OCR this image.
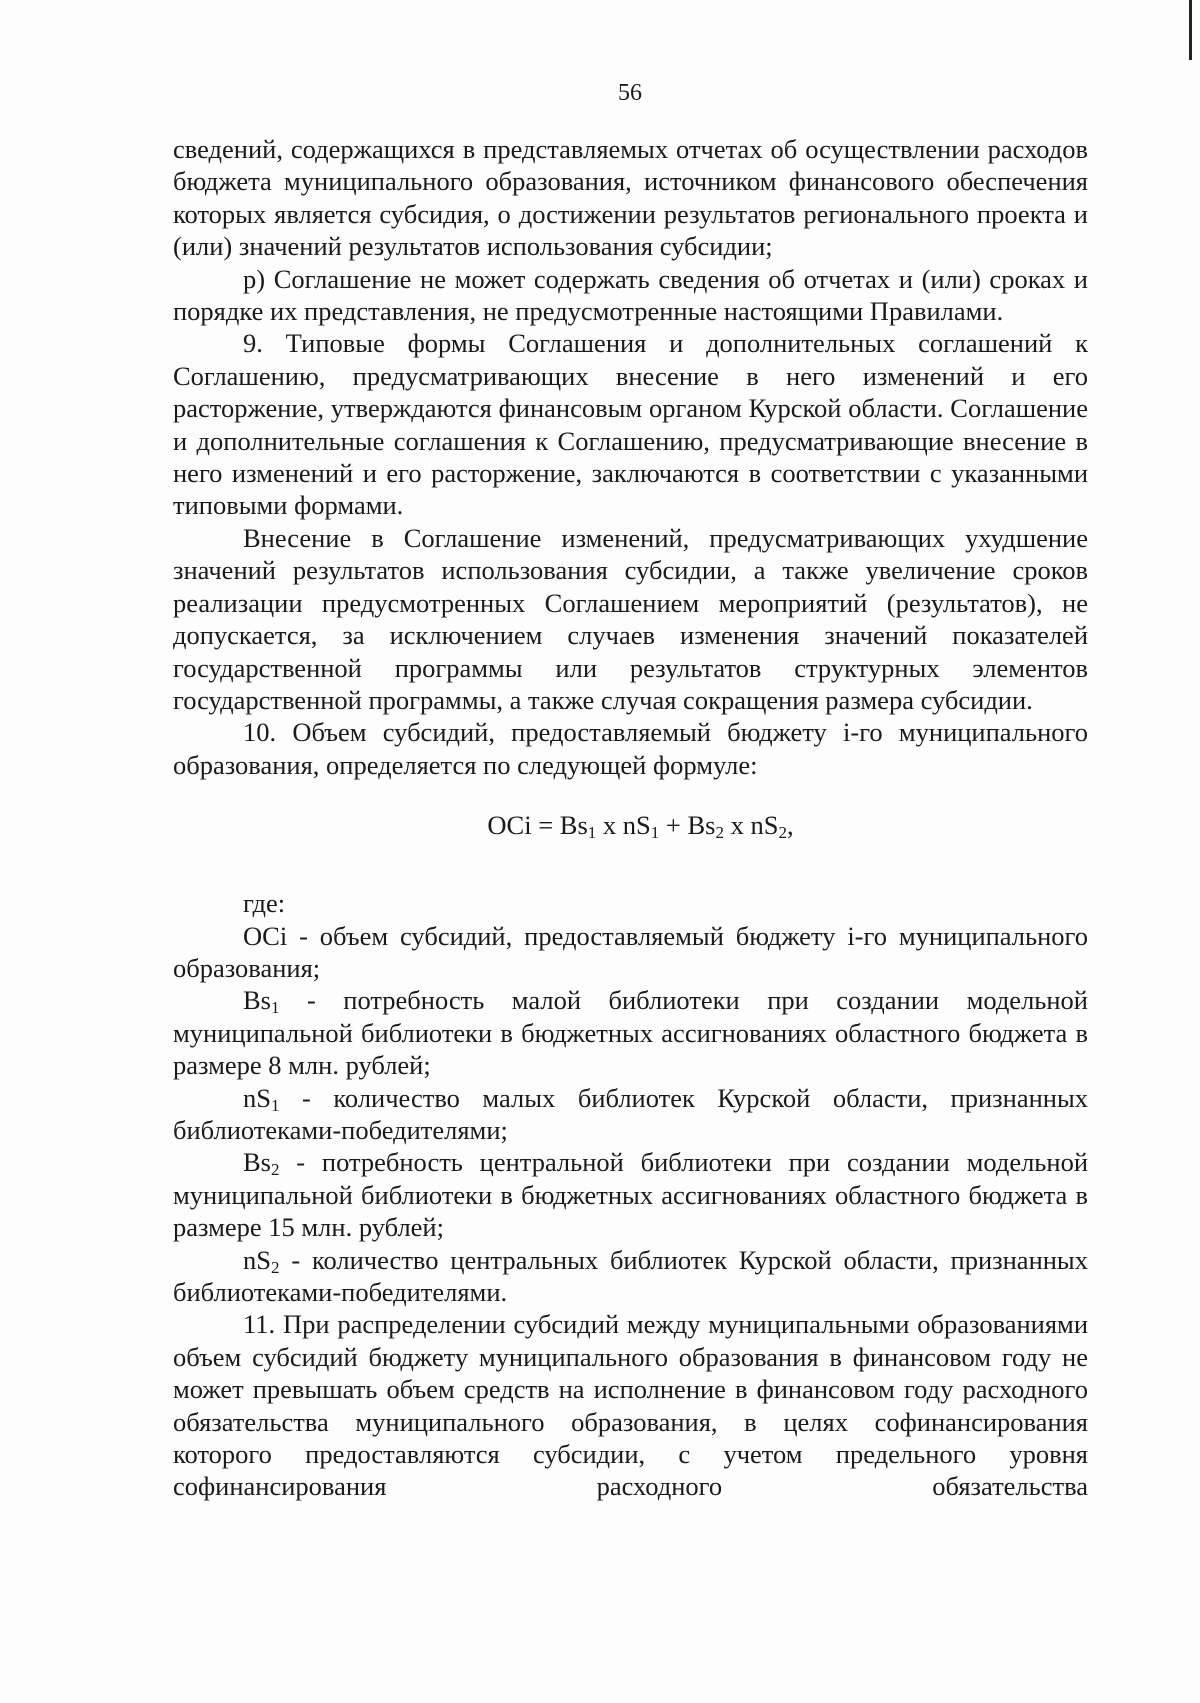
56

сведений, содержащихся в представляемых отчетах об осуществлении расходов бюджета муниципального образования, источником финансового обеспечения которых является субсидия, о достижении результатов регионального проекта и (или) значений результатов использования субсидии;

р) Соглашение не может содержать сведения об отчетах и (или) сроках и порядке их представления, не предусмотренные настоящими Правилами.

9. Типовые формы Соглашения и дополнительных соглашений к Соглашению, предусматривающих внесение в него изменений и его расторжение, утверждаются финансовым органом Курской области. Соглашение и дополнительные соглашения к Соглашению, предусматривающие внесение в него изменений и его расторжение, заключаются в соответствии с указанными типовыми формами.

Внесение в Соглашение изменений, предусматривающих ухудшение значений результатов использования субсидии, а также увеличение сроков реализации предусмотренных Соглашением мероприятий (результатов), не допускается, за исключением случаев изменения значений показателей государственной программы или результатов структурных элементов государственной программы, а также случая сокращения размера субсидии.

10. Объем субсидий, предоставляемый бюджету i-го муниципального образования, определяется по следующей формуле:

OCi = $Bs_1$ x $nS_1 + Bs_2$ x $nS_2$,

где:

OCi - объем субсидий, предоставляемый бюджету i-го муниципального образования;

$Bs_1$ - потребность малой библиотеки при создании модельной муниципальной библиотеки в бюджетных ассигнованиях областного бюджета в размере 8 млн. рублей;

$nS_1$ - количество малых библиотек Курской области, признанных библиотеками-победителями;

$Bs_2$ - потребность центральной библиотеки при создании модельной муниципальной библиотеки в бюджетных ассигнованиях областного бюджета в размере 15 млн. рублей;

$nS_2$ - количество центральных библиотек Курской области, признанных библиотеками-победителями.

11. При распределении субсидий между муниципальными образованиями объем субсидий бюджету муниципального образования в финансовом году не может превышать объем средств на исполнение в финансовом году расходного обязательства муниципального образования, в целях софинансирования которого предоставляются субсидии, с учетом предельного уровня софинансирования расходного обязательства
